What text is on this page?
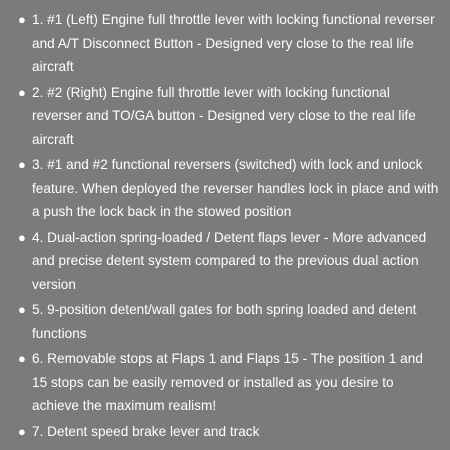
● 1. #1 (Left) Engine full throttle lever with locking functional reverser and A/T Disconnect Button - Designed very close to the real life aircraft
● 2. #2 (Right) Engine full throttle lever with locking functional reverser and TO/GA button - Designed very close to the real life aircraft
● 3. #1 and #2 functional reversers (switched) with lock and unlock feature. When deployed the reverser handles lock in place and with a push the lock back in the stowed position
● 4. Dual-action spring-loaded / Detent flaps lever - More advanced and precise detent system compared to the previous dual action version
● 5. 9-position detent/wall gates for both spring loaded and detent functions
● 6. Removable stops at Flaps 1 and Flaps 15 - The position 1 and 15 stops can be easily removed or installed as you desire to achieve the maximum realism!
● 7. Detent speed brake lever and track
